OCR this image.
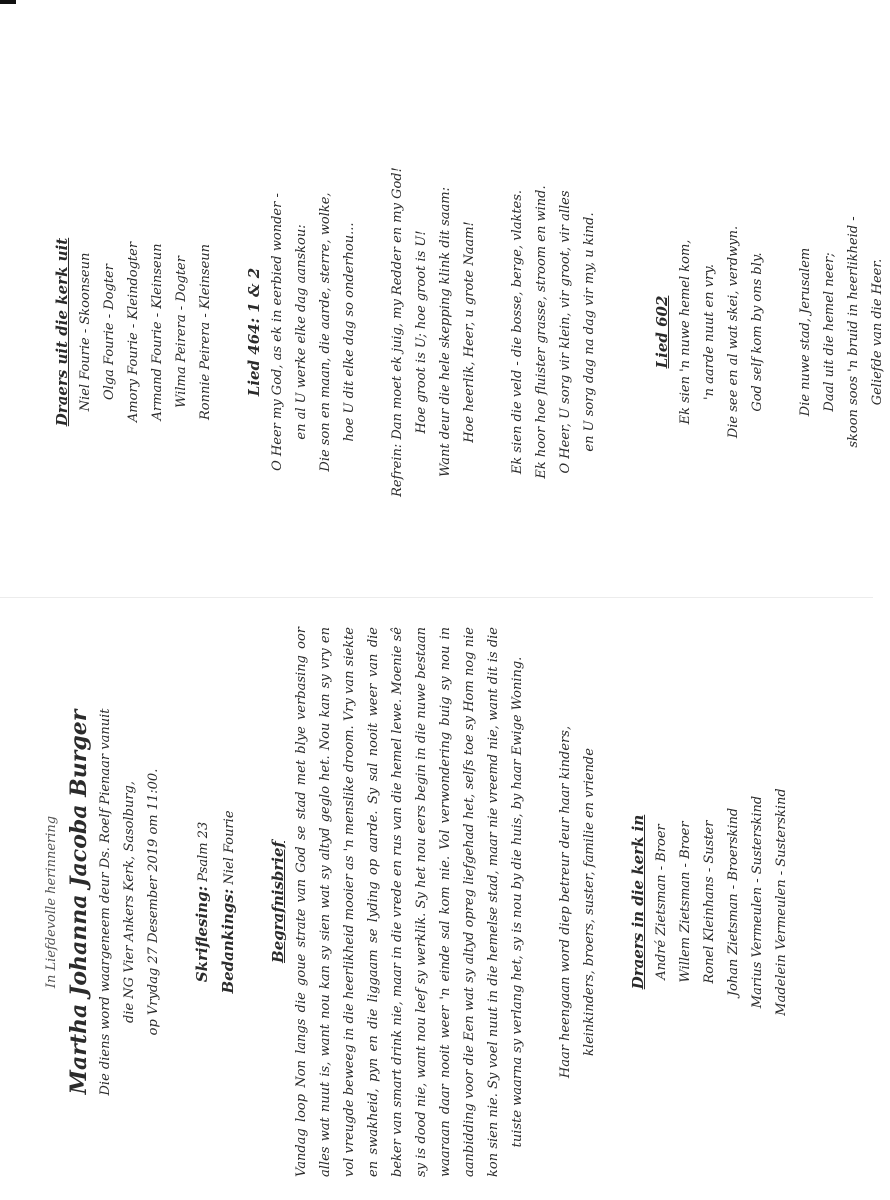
In Liefdevolle herinnering Martha Johanna Jacoba Burger Die diens word waargeneem deur Ds. Roelf Pienaar vanuit die NG Vier Ankers Kerk, Sasolburg, op Vrydag 27 Desember 2019 om 11:00.	Skriflesing: Psalm 23

Bedankings: Niel Fourie	Begrafnisbrief Vandag loop Non langs die goue strate van God se stad met blye verbasing oor alles wat nuut is, want nou kan sy sien wat sy altyd geglo het. Nou kan sy vry en vol vreugde beweeg in die heerlikheid mooier as 'n menslike droom. Vry van siekte en swakheid, pyn en die liggaam se lyding op aarde. Sy sal nooit weer van die beker van smart drink nie, maar in die vrede en rus van die hemel lewe. Moenie sê sy is dood nie, want nou leef sy werklik. Sy het nou eers begin in die nuwe bestaan waaraan daar nooit weer 'n einde sal kom nie. Vol verwondering buig sy nou in aanbidding voor die Een wat sy altyd opreg liefgehad het, selfs toe sy Hom nog nie kon sien nie. Sy voel nuut in die hemelse stad, maar nie vreemd nie, want dit is die tuiste waarna sy verlang het, sy is nou by die huis, by haar Ewige Woning.	Haar heengaan word diep betreur deur haar kinders, kleinkinders, broers, suster, familie en vriende	Draers in die kerk in André Zietsman - Broer Willem Zietsman - Broer Ronel Kleinhans - Suster Johan Zietsman - Broerskind Marius Vermeulen - Susterskind Madelein Vermeulen - Susterskind

Draers uit die kerk uit Niel Fourie - Skoonseun Olga Fourie - Dogter Amory Fourie - Kleindogter Armand Fourie - Kleinseun Wilma Peirera - Dogter Ronnie Peirera - Kleinseun	Lied 464: 1 & 2 O Heer my God, as ek in eerbied wonder - en al U werke elke dag aanskou: Die son en maan, die aarde, sterre, wolke, hoe U dit elke dag so onderhou...	Refrein: Dan moet ek juig, my Redder en my God! Hoe groot is U; hoe groot is U! Want deur die hele skepping klink dit saam: Hoe heerlik, Heer, u grote Naam!	Ek sien die veld - die bosse, berge, vlaktes. Ek hoor hoe fluister grasse, stroom en wind. O Heer, U sorg vir klein, vir groot, vir alles en U sorg dag na dag vir my, u kind.	Lied 602 Ek sien 'n nuwe hemel kom, 'n aarde nuut en vry. Die see en al wat skei, verdwyn. God self kom by ons bly.	Die nuwe stad, Jerusalem Daal uit die hemel neer; skoon soos 'n bruid in heerlikheid - Geliefde van die Heer.
